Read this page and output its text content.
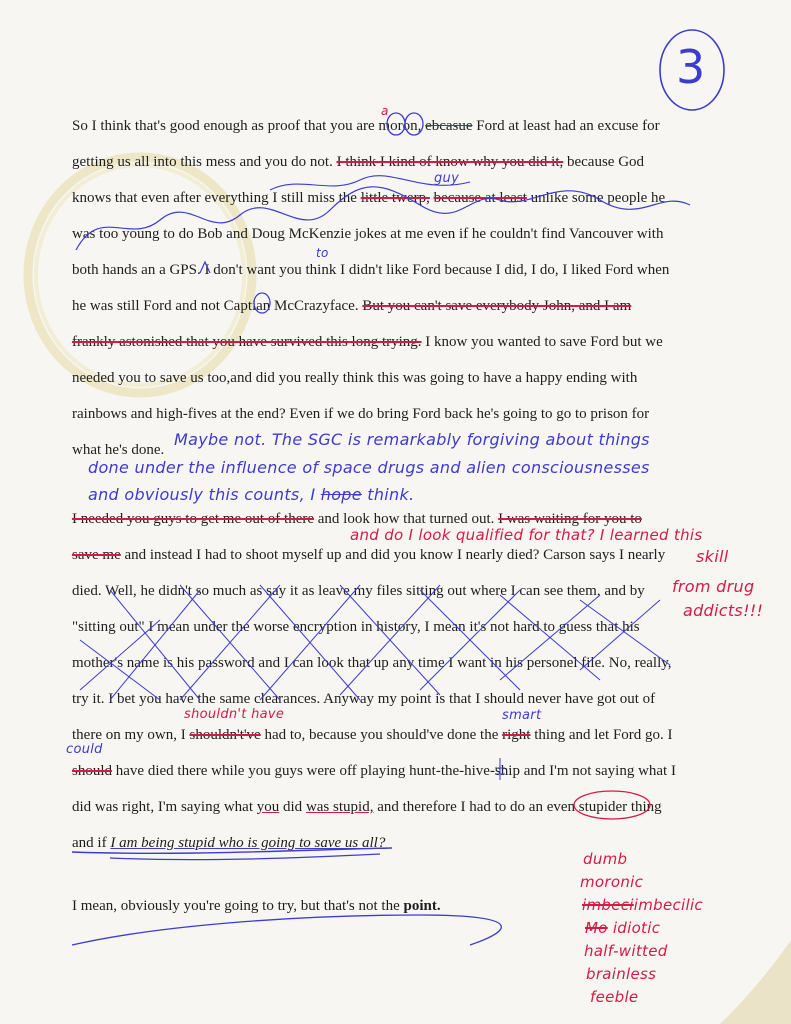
3
So I think that's good enough as proof that you are moron, ebcasue Ford at least had an excuse for
getting us all into this mess and you do not. I think I kind of know why you did it, because God
knows that even after everything I still miss the little twerp, because at least unlike some people he
was too young to do Bob and Doug McKenzie jokes at me even if he couldn't find Vancouver with
both hands an a GPS. I don't want you think I didn't like Ford because I did, I do, I liked Ford when
he was still Ford and not Captian McCrazyface. But you can't save everybody John, and I am
frankly astonished that you have survived this long trying. I know you wanted to save Ford but we
needed you to save us too,and did you really think this was going to have a happy ending with
rainbows and high-fives at the end? Even if we do bring Ford back he's going to go to prison for
what he's done.
I needed you guys to get me out of there and look how that turned out. I was waiting for you to
save me and instead I had to shoot myself up and did you know I nearly died? Carson says I nearly
died. Well, he didn't so much as say it as leave my files sitting out where I can see them, and by
"sitting out" I mean under the worse encryption in history, I mean it's not hard to guess that his
mother's name is his password and I can look that up any time I want in his personel file. No, really,
try it. I bet you have the same clearances. Anyway my point is that I should never have got out of
there on my own, I shouldn't've had to, because you should've done the right thing and let Ford go. I
should have died there while you guys were off playing hunt-the-hive-ship and I'm not saying what I
did was right, I'm saying what you did was stupid, and therefore I had to do an even stupider thing
and if I am being stupid who is going to save us all?
I mean, obviously you're going to try, but that's not the point.
a
guy
to
Maybe not. The SGC is remarkably forgiving about things
done under the influence of space drugs and alien consciousnesses
and obviously this counts, I hope think.
and do I look qualified for that? I learned this
skill
from drug
addicts!!!
shouldn't have	smart
could
dumb
moronic
imbeciimbecilic
Mo idiotic
half-witted
brainless
feeble
